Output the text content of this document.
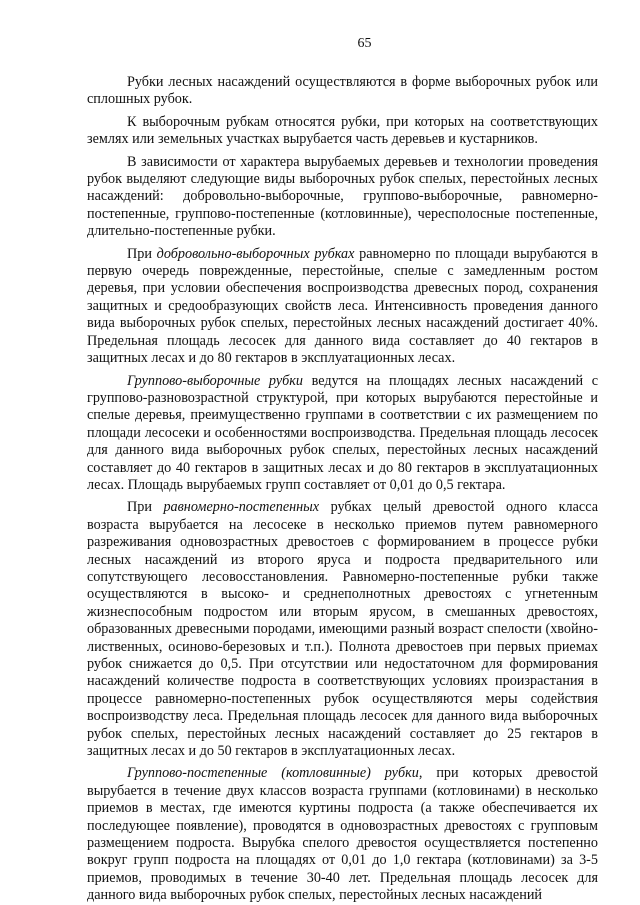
65

Рубки лесных насаждений осуществляются в форме выборочных рубок или сплошных рубок.

К выборочным рубкам относятся рубки, при которых на соответствующих землях или земельных участках вырубается часть деревьев и кустарников.

В зависимости от характера вырубаемых деревьев и технологии проведения рубок выделяют следующие виды выборочных рубок спелых, перестойных лесных насаждений: добровольно-выборочные, группово-выборочные, равномерно-постепенные, группово-постепенные (котловинные), чересполосные постепенные, длительно-постепенные рубки.

При добровольно-выборочных рубках равномерно по площади вырубаются в первую очередь поврежденные, перестойные, спелые с замедленным ростом деревья, при условии обеспечения воспроизводства древесных пород, сохранения защитных и средообразующих свойств леса. Интенсивность проведения данного вида выборочных рубок спелых, перестойных лесных насаждений достигает 40%. Предельная площадь лесосек для данного вида составляет до 40 гектаров в защитных лесах и до 80 гектаров в эксплуатационных лесах.

Группово-выборочные рубки ведутся на площадях лесных насаждений с группово-разновозрастной структурой, при которых вырубаются перестойные и спелые деревья, преимущественно группами в соответствии с их размещением по площади лесосеки и особенностями воспроизводства. Предельная площадь лесосек для данного вида выборочных рубок спелых, перестойных лесных насаждений составляет до 40 гектаров в защитных лесах и до 80 гектаров в эксплуатационных лесах. Площадь вырубаемых групп составляет от 0,01 до 0,5 гектара.

При равномерно-постепенных рубках целый древостой одного класса возраста вырубается на лесосеке в несколько приемов путем равномерного разреживания одновозрастных древостоев с формированием в процессе рубки лесных насаждений из второго яруса и подроста предварительного или сопутствующего лесовосстановления. Равномерно-постепенные рубки также осуществляются в высоко- и среднеполнотных древостоях с угнетенным жизнеспособным подростом или вторым ярусом, в смешанных древостоях, образованных древесными породами, имеющими разный возраст спелости (хвойно-лиственных, осиново-березовых и т.п.). Полнота древостоев при первых приемах рубок снижается до 0,5. При отсутствии или недостаточном для формирования насаждений количестве подроста в соответствующих условиях произрастания в процессе равномерно-постепенных рубок осуществляются меры содействия воспроизводству леса. Предельная площадь лесосек для данного вида выборочных рубок спелых, перестойных лесных насаждений составляет до 25 гектаров в защитных лесах и до 50 гектаров в эксплуатационных лесах.

Группово-постепенные (котловинные) рубки, при которых древостой вырубается в течение двух классов возраста группами (котловинами) в несколько приемов в местах, где имеются куртины подроста (а также обеспечивается их последующее появление), проводятся в одновозрастных древостоях с групповым размещением подроста. Вырубка спелого древостоя осуществляется постепенно вокруг групп подроста на площадях от 0,01 до 1,0 гектара (котловинами) за 3-5 приемов, проводимых в течение 30-40 лет. Предельная площадь лесосек для данного вида выборочных рубок спелых, перестойных лесных насаждений
